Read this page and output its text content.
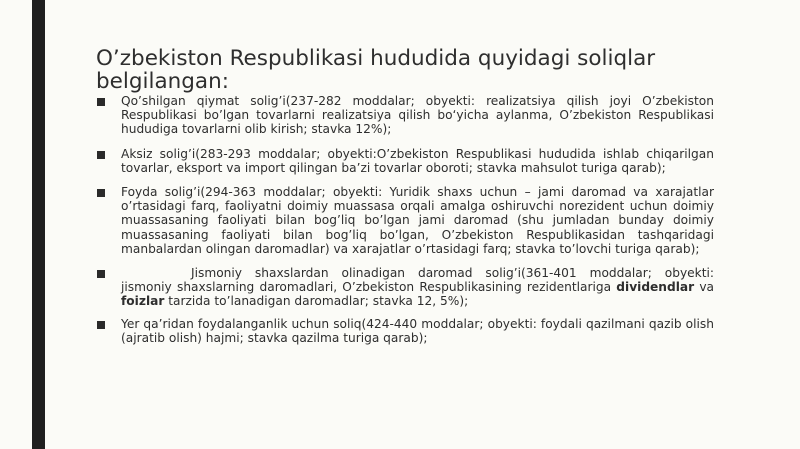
O’zbekiston Respublikasi hududida quyidagi soliqlar belgilangan:
Qo’shilgan qiymat solig’i(237-282 moddalar; obyekti: realizatsiya qilish joyi O’zbekiston Respublikasi bo’lgan tovarlarni realizatsiya qilish bo‘yicha aylanma, O’zbekiston Respublikasi hududiga tovarlarni olib kirish; stavka 12%);
Aksiz solig’i(283-293 moddalar; obyekti:O’zbekiston Respublikasi hududida ishlab chiqarilgan tovarlar, eksport va import qilingan ba’zi tovarlar oboroti; stavka mahsulot turiga qarab);
Foyda solig’i(294-363 moddalar; obyekti: Yuridik shaxs uchun – jami daromad va xarajatlar o’rtasidagi farq, faoliyatni doimiy muassasa orqali amalga oshiruvchi norezident uchun doimiy muassasaning faoliyati bilan bog’liq bo’lgan jami daromad (shu jumladan bunday doimiy muassasaning faoliyati bilan bog’liq bo’lgan, O’zbekiston Respublikasidan tashqaridagi manbalardan olingan daromadlar) va xarajatlar o’rtasidagi farq; stavka to’lovchi turiga qarab);
Jismoniy shaxslardan olinadigan daromad solig’i(361-401 moddalar; obyekti: jismoniy shaxslarning daromadlari, O’zbekiston Respublikasining rezidentlariga dividendlar va foizlar tarzida to’lanadigan daromadlar; stavka 12, 5%);
Yer qa’ridan foydalanganlik uchun soliq(424-440 moddalar; obyekti: foydali qazilmani qazib olish (ajratib olish) hajmi; stavka qazilma turiga qarab);
